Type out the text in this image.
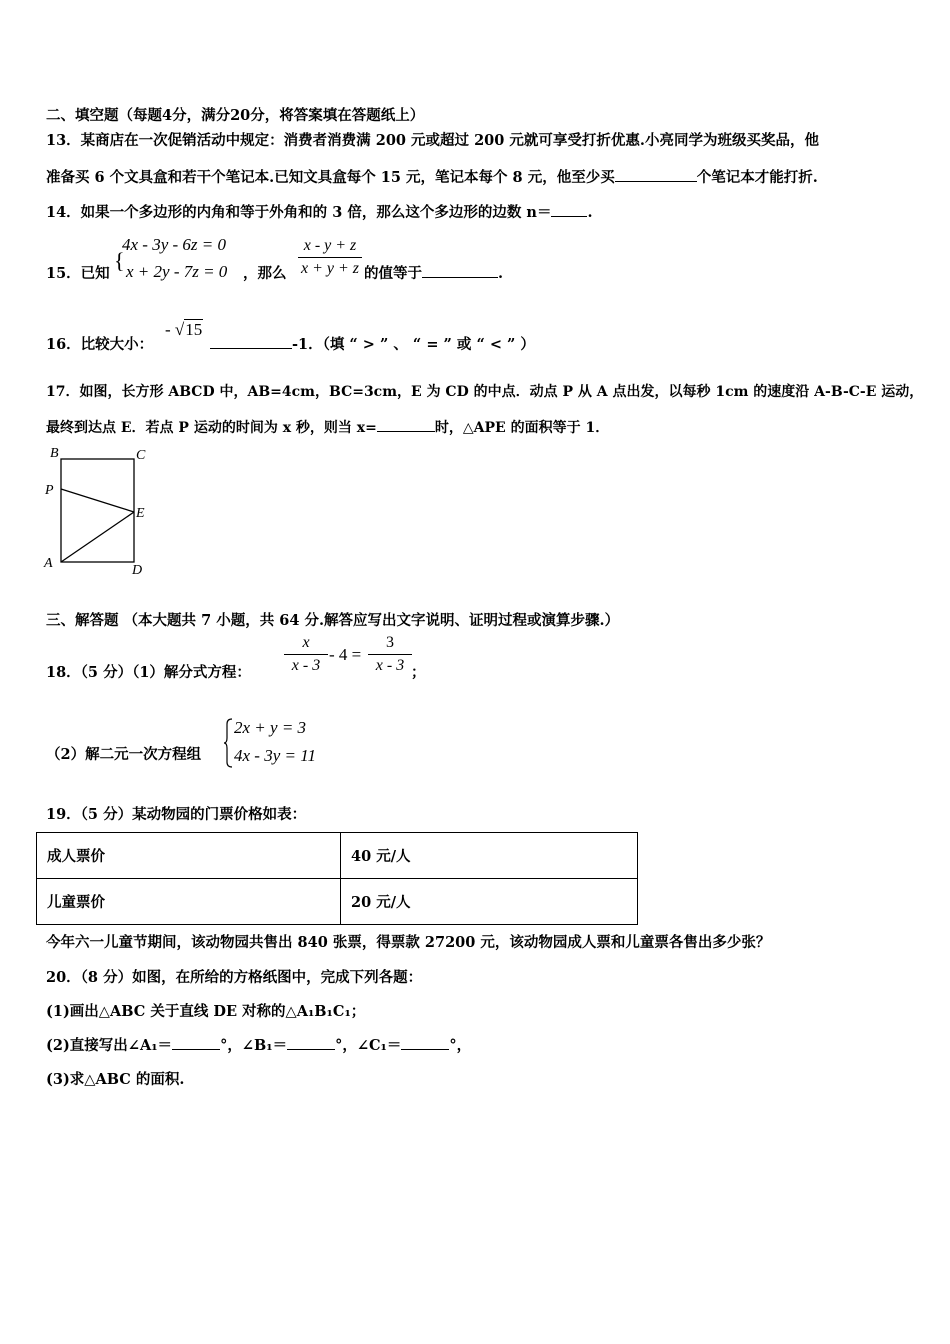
二、填空题（每题4分，满分20分，将答案填在答题纸上）
13．某商店在一次促销活动中规定：消费者消费满 200 元或超过 200 元就可享受打折优惠.小亮同学为班级买奖品，他
准备买 6 个文具盒和若干个笔记本.已知文具盒每个 15 元，笔记本每个 8 元，他至少买	个笔记本才能打折.
14．如果一个多边形的内角和等于外角和的 3 倍，那么这个多边形的边数 n＝ .
15．已知
{
4x - 3y - 6z = 0
x + 2y - 7z = 0 ，那么
x - y + z
x + y + z 的值等于	.
16．比较大小：
- √15
-1．（填 “ > ” 、 “ = ” 或 “ < ” ）
17．如图，长方形 ABCD 中，AB=4cm，BC=3cm，E 为 CD 的中点．动点 P 从 A 点出发，以每秒 1cm 的速度沿 A-B-C-E 运动，
最终到达点 E．若点 P 运动的时间为 x 秒，则当 x=	时，△APE 的面积等于 1．
B	C
P
E
A	D
三、解答题 （本大题共 7 小题，共 64 分.解答应写出文字说明、证明过程或演算步骤.）
18．（5 分）（1）解分式方程：
x
x - 3
- 4 =
3
x - 3 ；
（2）解二元一次方程组
2x + y = 3
4x - 3y = 11
19．（5 分）某动物园的门票价格如表：
成人票价	40 元/人
儿童票价	20 元/人
今年六一儿童节期间，该动物园共售出 840 张票，得票款 27200 元，该动物园成人票和儿童票各售出多少张？
20．（8 分）如图，在所给的方格纸图中，完成下列各题：
(1)画出△ABC 关于直线 DE 对称的△A₁B₁C₁；
(2)直接写出∠A₁＝	°，∠B₁＝	°，∠C₁＝	°，
(3)求△ABC 的面积.
